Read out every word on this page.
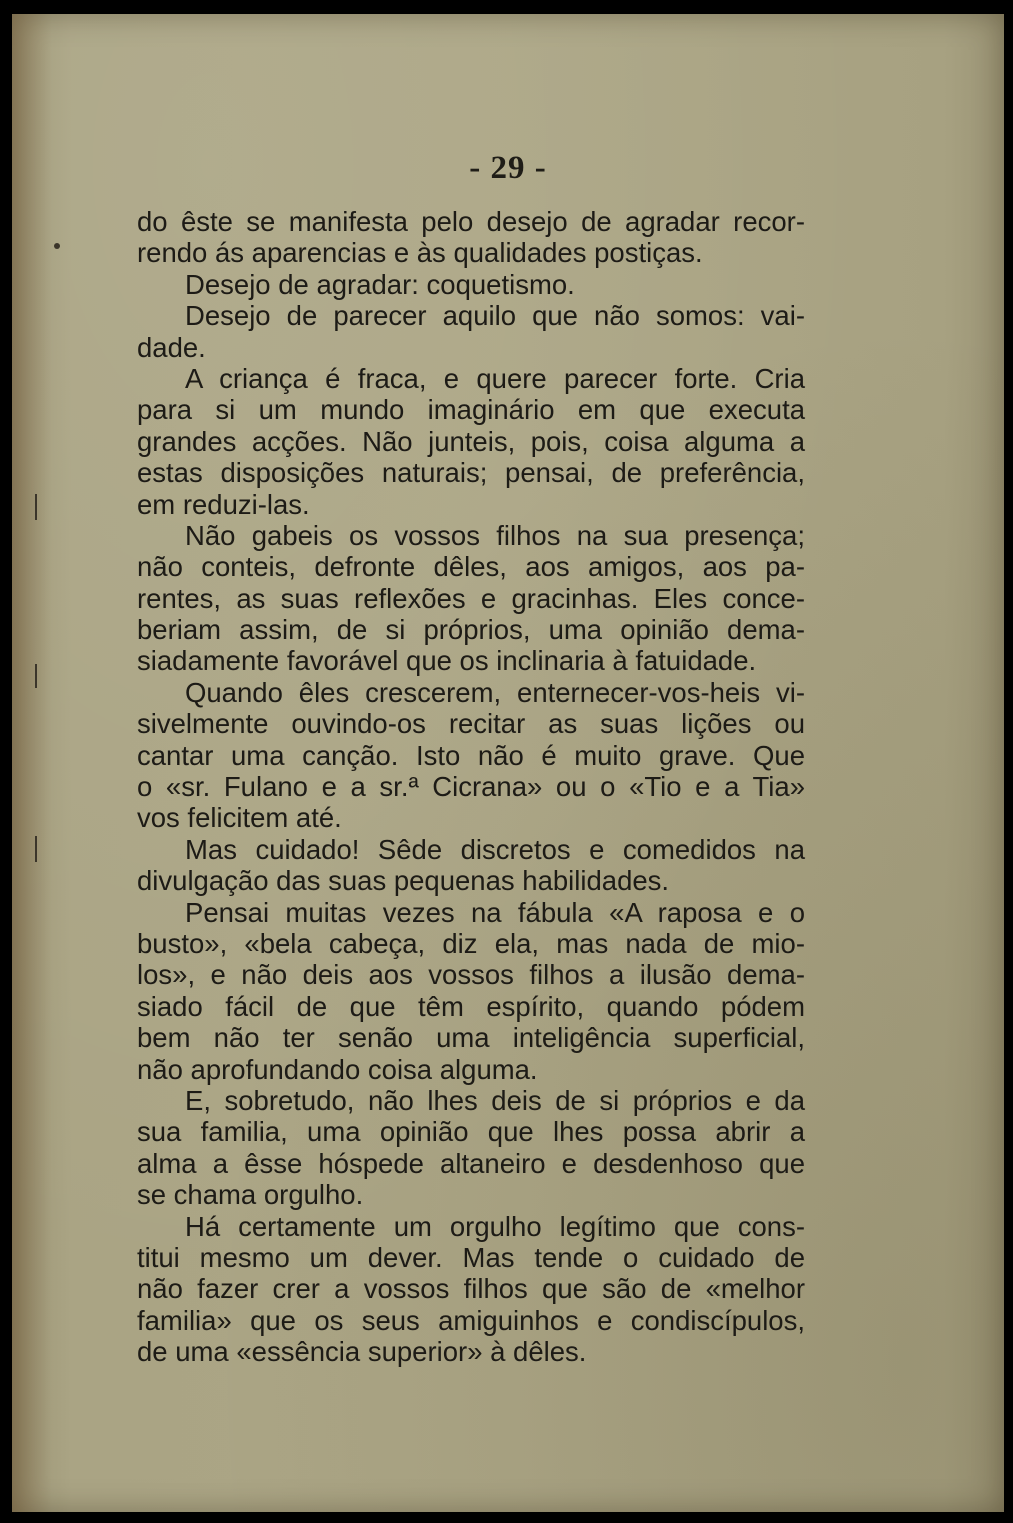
- 29 -
do êste se manifesta pelo desejo de agradar recor-
rendo ás aparencias e às qualidades postiças.
Desejo de agradar: coquetismo.
Desejo de parecer aquilo que não somos: vai-
dade.
A criança é fraca, e quere parecer forte. Cria
para si um mundo imaginário em que executa
grandes acções. Não junteis, pois, coisa alguma a
estas disposições naturais; pensai, de preferência,
em reduzi-las.
Não gabeis os vossos filhos na sua presença;
não conteis, defronte dêles, aos amigos, aos pa-
rentes, as suas reflexões e gracinhas. Eles conce-
beriam assim, de si próprios, uma opinião dema-
siadamente favorável que os inclinaria à fatuidade.
Quando êles crescerem, enternecer-vos-heis vi-
sivelmente ouvindo-os recitar as suas lições ou
cantar uma canção. Isto não é muito grave. Que
o «sr. Fulano e a sr.ª Cicrana» ou o «Tio e a Tia»
vos felicitem até.
Mas cuidado! Sêde discretos e comedidos na
divulgação das suas pequenas habilidades.
Pensai muitas vezes na fábula «A raposa e o
busto», «bela cabeça, diz ela, mas nada de mio-
los», e não deis aos vossos filhos a ilusão dema-
siado fácil de que têm espírito, quando pódem
bem não ter senão uma inteligência superficial,
não aprofundando coisa alguma.
E, sobretudo, não lhes deis de si próprios e da
sua familia, uma opinião que lhes possa abrir a
alma a êsse hóspede altaneiro e desdenhoso que
se chama orgulho.
Há certamente um orgulho legítimo que cons-
titui mesmo um dever. Mas tende o cuidado de
não fazer crer a vossos filhos que são de «melhor
familia» que os seus amiguinhos e condiscípulos,
de uma «essência superior» à dêles.
